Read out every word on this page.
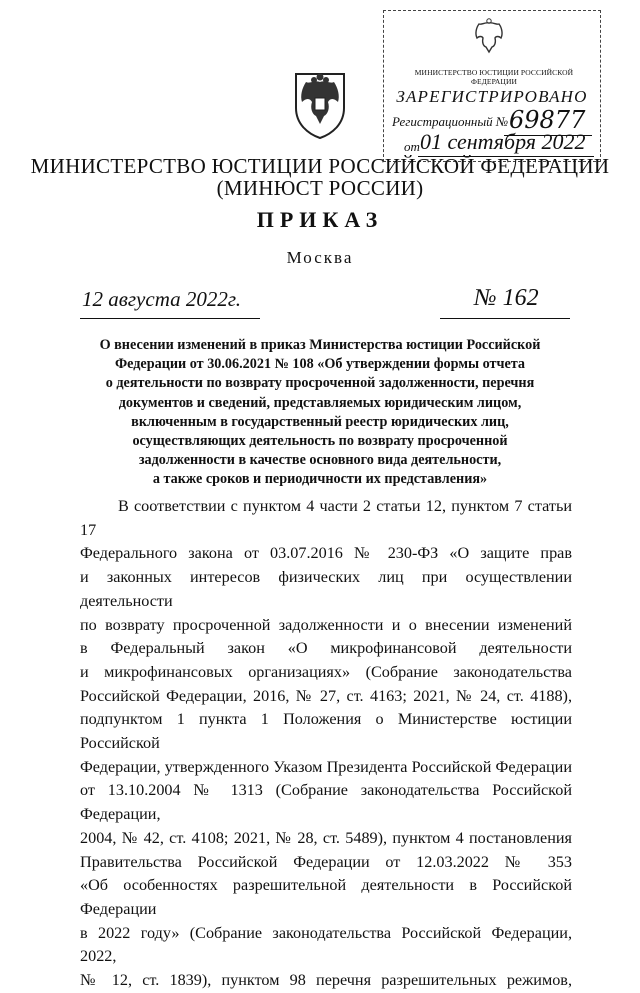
МИНИСТЕРСТВО ЮСТИЦИИ РОССИЙСКОЙ ФЕДЕРАЦИИ
ЗАРЕГИСТРИРОВАНО
Регистрационный № 69877
от 01 сентября 2022
МИНИСТЕРСТВО ЮСТИЦИИ РОССИЙСКОЙ ФЕДЕРАЦИИ
(МИНЮСТ РОССИИ)
ПРИКАЗ
Москва
12 августа 2022г.	№ 162
О внесении изменений в приказ Министерства юстиции Российской
Федерации от 30.06.2021 № 108 «Об утверждении формы отчета
о деятельности по возврату просроченной задолженности, перечня
документов и сведений, представляемых юридическим лицом,
включенным в государственный реестр юридических лиц,
осуществляющих деятельность по возврату просроченной
задолженности в качестве основного вида деятельности,
а также сроков и периодичности их представления»
В соответствии с пунктом 4 части 2 статьи 12, пунктом 7 статьи 17
Федерального закона от 03.07.2016 № 230-ФЗ «О защите прав
и законных интересов физических лиц при осуществлении деятельности
по возврату просроченной задолженности и о внесении изменений
в Федеральный закон «О микрофинансовой деятельности
и микрофинансовых организациях» (Собрание законодательства
Российской Федерации, 2016, № 27, ст. 4163; 2021, № 24, ст. 4188),
подпунктом 1 пункта 1 Положения о Министерстве юстиции Российской
Федерации, утвержденного Указом Президента Российской Федерации
от 13.10.2004 № 1313 (Собрание законодательства Российской Федерации,
2004, № 42, ст. 4108; 2021, № 28, ст. 5489), пунктом 4 постановления
Правительства Российской Федерации от 12.03.2022 № 353
«Об особенностях разрешительной деятельности в Российской Федерации
в 2022 году» (Собрание законодательства Российской Федерации, 2022,
№ 12, ст. 1839), пунктом 98 перечня разрешительных режимов,
